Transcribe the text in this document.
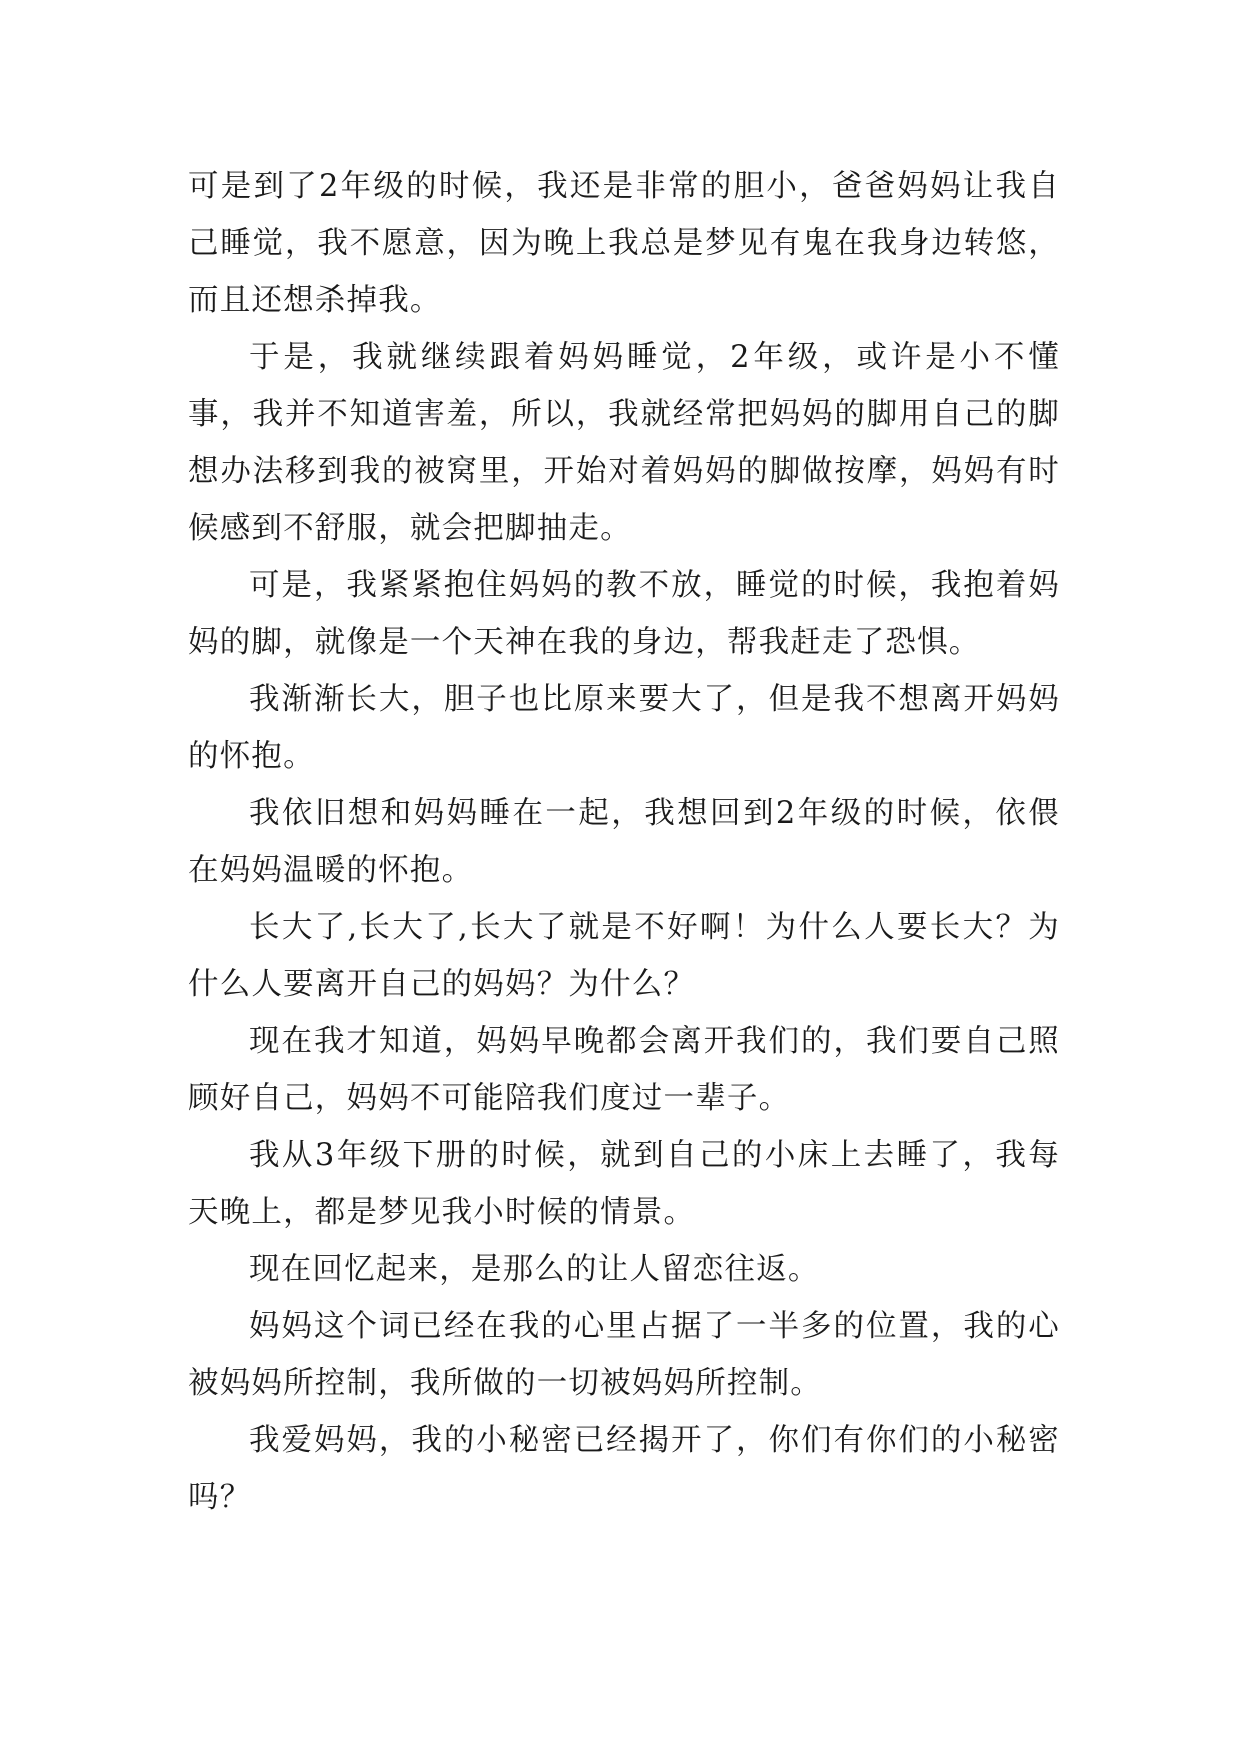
可是到了2年级的时候，我还是非常的胆小，爸爸妈妈让我自己睡觉，我不愿意，因为晚上我总是梦见有鬼在我身边转悠，而且还想杀掉我。

于是，我就继续跟着妈妈睡觉，2年级，或许是小不懂事，我并不知道害羞，所以，我就经常把妈妈的脚用自己的脚想办法移到我的被窝里，开始对着妈妈的脚做按摩，妈妈有时候感到不舒服，就会把脚抽走。

可是，我紧紧抱住妈妈的教不放，睡觉的时候，我抱着妈妈的脚，就像是一个天神在我的身边，帮我赶走了恐惧。

我渐渐长大，胆子也比原来要大了，但是我不想离开妈妈的怀抱。

我依旧想和妈妈睡在一起，我想回到2年级的时候，依偎在妈妈温暖的怀抱。

长大了,长大了,长大了就是不好啊！为什么人要长大？为什么人要离开自己的妈妈？为什么？

现在我才知道，妈妈早晚都会离开我们的，我们要自己照顾好自己，妈妈不可能陪我们度过一辈子。

我从3年级下册的时候，就到自己的小床上去睡了，我每天晚上，都是梦见我小时候的情景。

现在回忆起来，是那么的让人留恋往返。

妈妈这个词已经在我的心里占据了一半多的位置，我的心被妈妈所控制，我所做的一切被妈妈所控制。

我爱妈妈，我的小秘密已经揭开了，你们有你们的小秘密吗？
